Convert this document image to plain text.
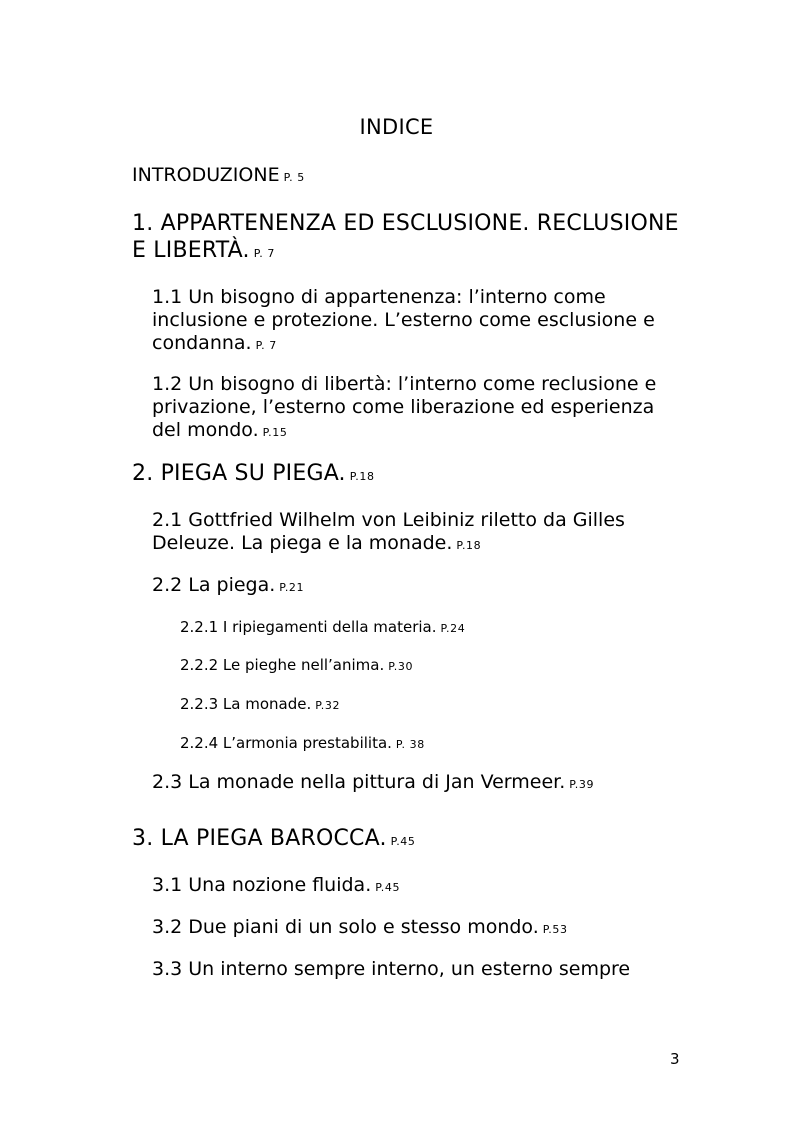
INDICE

INTRODUZIONE P. 5

1. APPARTENENZA ED ESCLUSIONE. RECLUSIONE E LIBERTÀ. P. 7

1.1 Un bisogno di appartenenza: l’interno come inclusione e protezione. L’esterno come esclusione e condanna. P. 7

1.2 Un bisogno di libertà: l’interno come reclusione e privazione, l’esterno come liberazione ed esperienza del mondo. P.15

2. PIEGA SU PIEGA. P.18

2.1 Gottfried Wilhelm von Leibiniz riletto da Gilles Deleuze. La piega e la monade. P.18

2.2 La piega. P.21

2.2.1 I ripiegamenti della materia. P.24

2.2.2 Le pieghe nell’anima. P.30

2.2.3 La monade. P.32

2.2.4 L’armonia prestabilita. P. 38

2.3 La monade nella pittura di Jan Vermeer. P.39

3. LA PIEGA BAROCCA. P.45

3.1 Una nozione fluida. P.45

3.2 Due piani di un solo e stesso mondo. P.53

3.3 Un interno sempre interno, un esterno sempre

3
